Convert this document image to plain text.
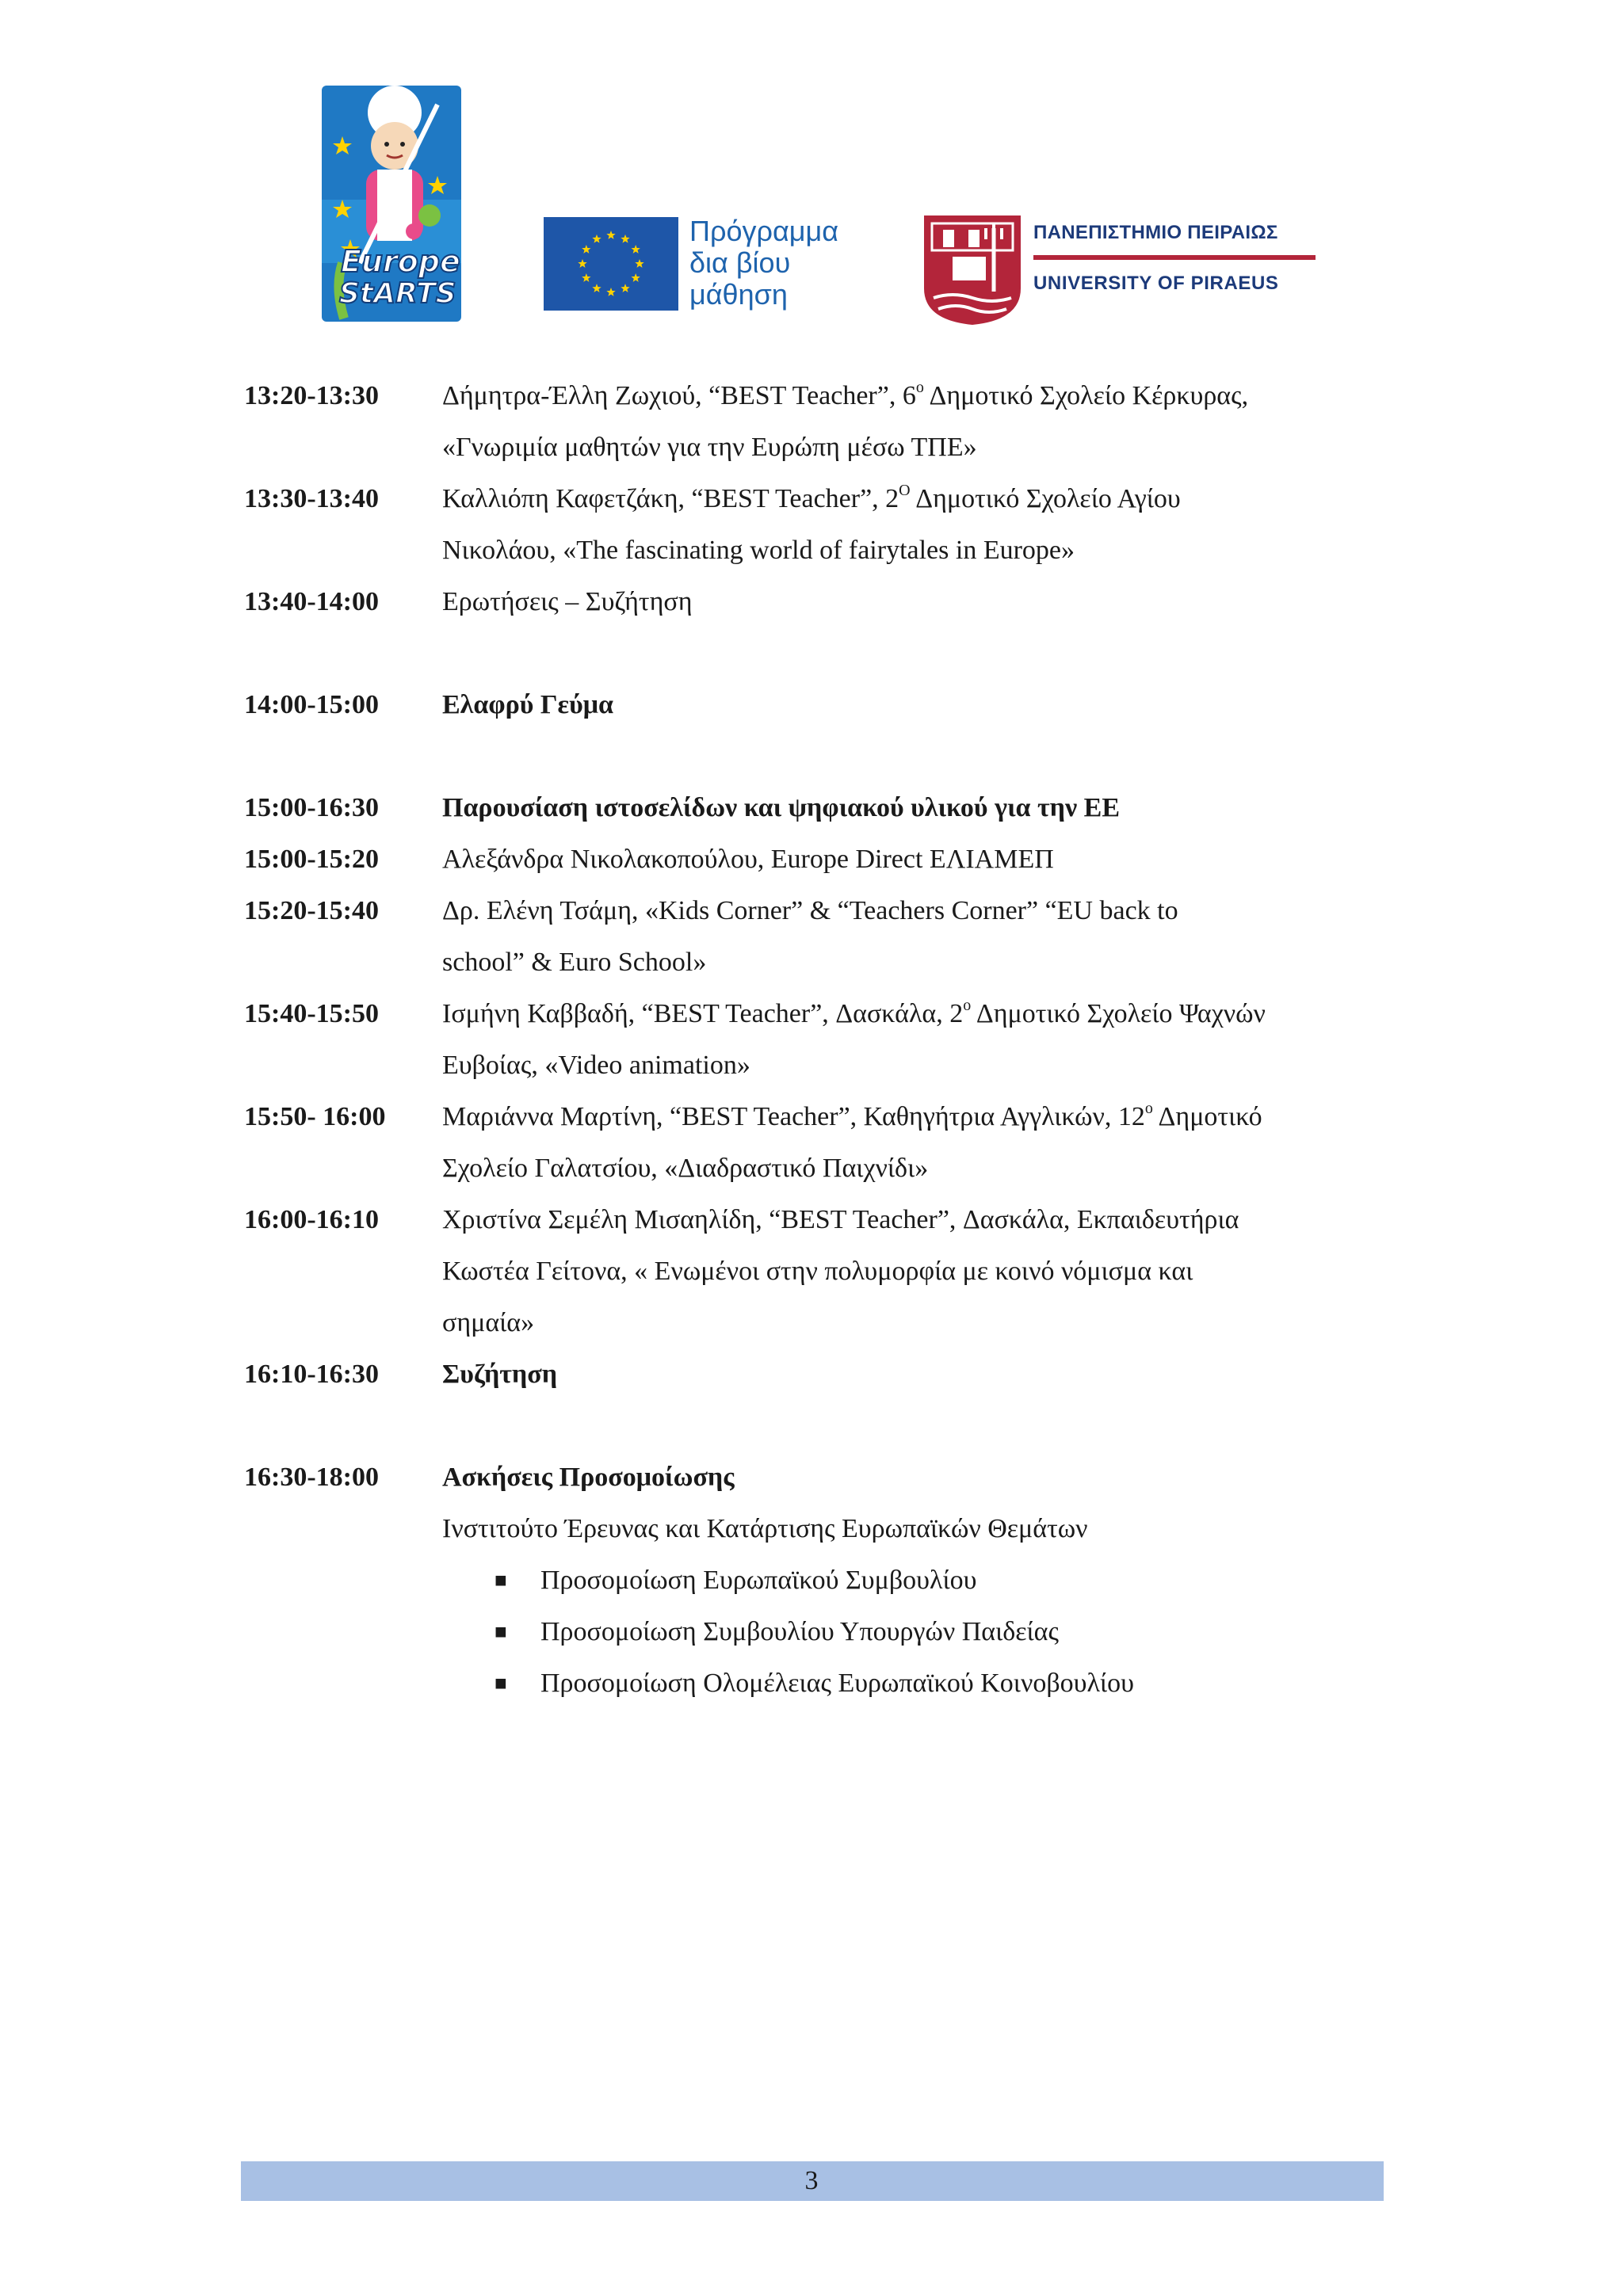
Europe
StARTS
Πρόγραμμα
δια βίου
μάθηση
ΠΑΝΕΠΙΣΤΗΜΙΟ ΠΕΙΡΑΙΩΣ
UNIVERSITY OF PIRAEUS
13:20-13:30 Δήμητρα-Έλλη Ζωχιού, “BEST Teacher”, $6^o$ Δημοτικό Σχολείο Κέρκυρας,
«Γνωριμία μαθητών για την Ευρώπη μέσω ΤΠΕ»
13:30-13:40 Καλλιόπη Καφετζάκη, “BEST Teacher”, $2^O$ Δημοτικό Σχολείο Αγίου
Νικολάου, «The fascinating world of fairytales in Europe»
13:40-14:00 Ερωτήσεις – Συζήτηση
14:00-15:00 Ελαφρύ Γεύμα
15:00-16:30 Παρουσίαση ιστοσελίδων και ψηφιακού υλικού για την ΕΕ
15:00-15:20 Αλεξάνδρα Νικολακοπούλου, Europe Direct ΕΛΙΑΜΕΠ
15:20-15:40 Δρ. Ελένη Τσάμη, «Kids Corner” & “Teachers Corner” “EU back to
school” & Euro School»
15:40-15:50 Ισμήνη Καββαδή, “BEST Teacher”, Δασκάλα, $2^o$ Δημοτικό Σχολείο Ψαχνών
Ευβοίας, «Video animation»
15:50- 16:00 Μαριάννα Μαρτίνη, “BEST Teacher”, Καθηγήτρια Αγγλικών, $12^o$ Δημοτικό
Σχολείο Γαλατσίου, «Διαδραστικό Παιχνίδι»
16:00-16:10 Χριστίνα Σεμέλη Μισαηλίδη, “BEST Teacher”, Δασκάλα, Εκπαιδευτήρια
Κωστέα Γείτονα, « Ενωμένοι στην πολυμορφία με κοινό νόμισμα και
σημαία»
16:10-16:30 Συζήτηση
16:30-18:00 Ασκήσεις Προσομοίωσης
Ινστιτούτο Έρευνας και Κατάρτισης Ευρωπαϊκών Θεμάτων
■ Προσομοίωση Ευρωπαϊκού Συμβουλίου
■ Προσομοίωση Συμβουλίου Υπουργών Παιδείας
■ Προσομοίωση Ολομέλειας Ευρωπαϊκού Κοινοβουλίου
3
